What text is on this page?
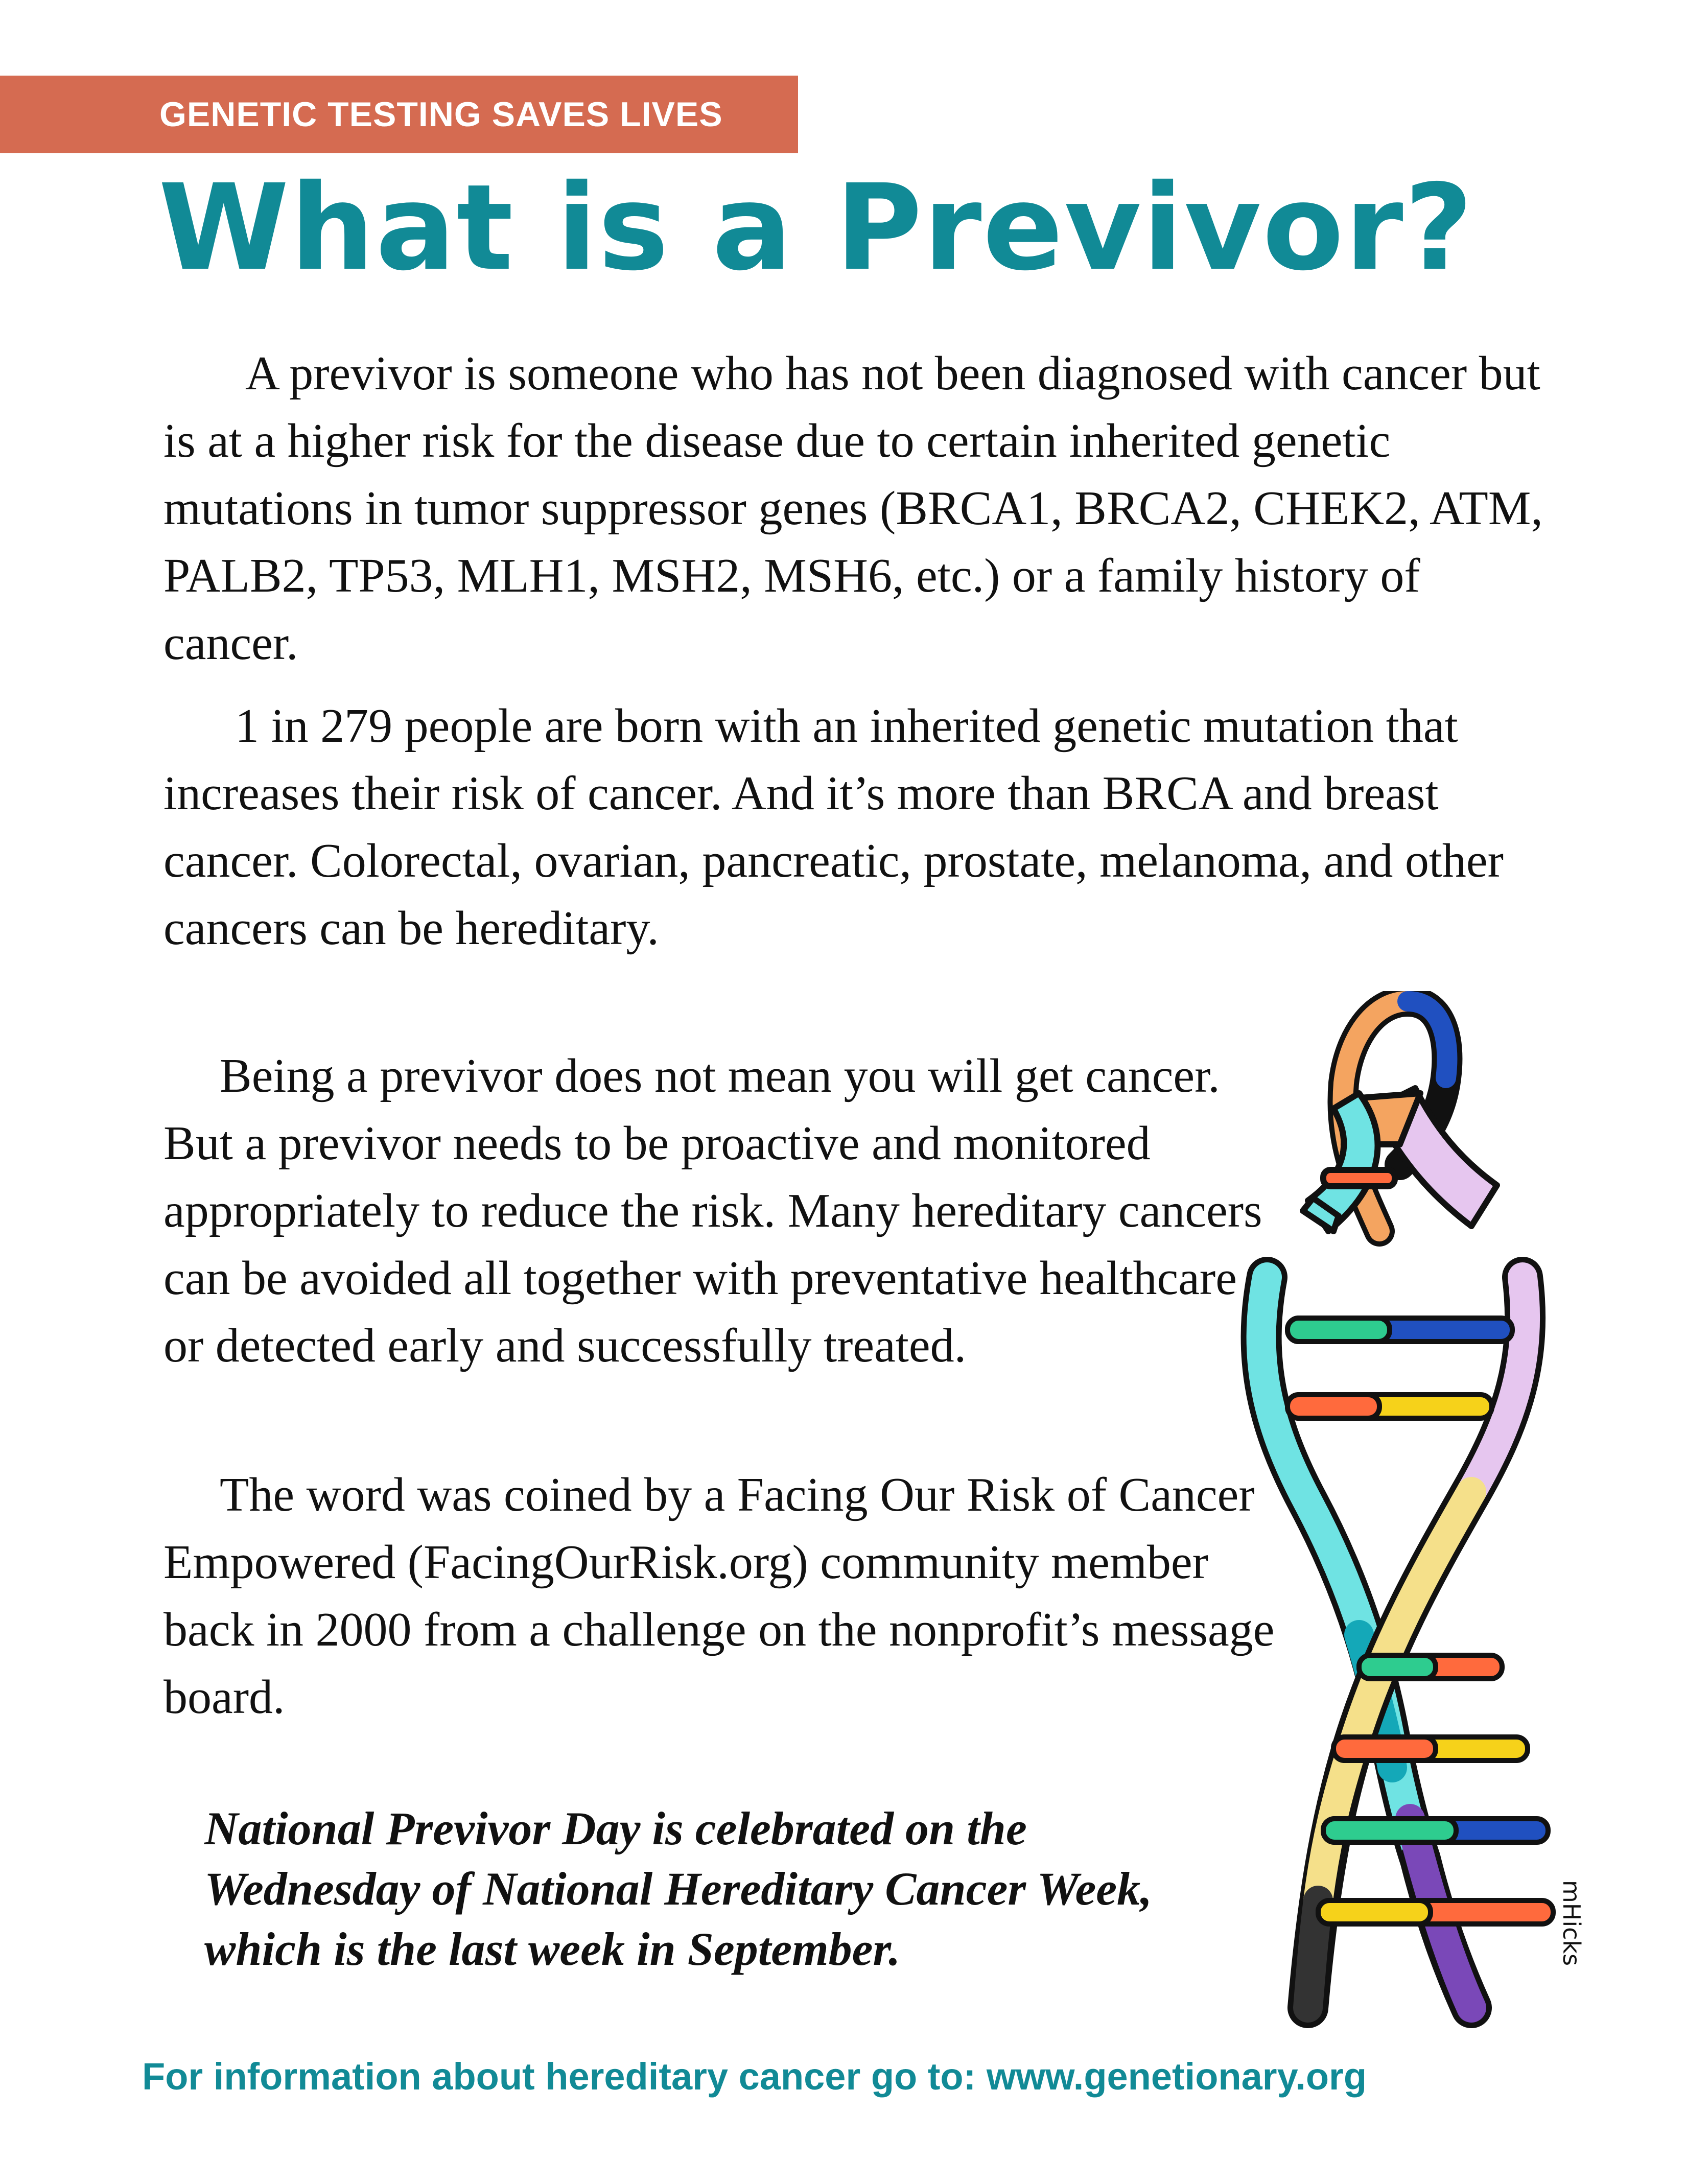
GENETIC TESTING SAVES LIVES
What is a Previvor?

A previvor is someone who has not been diagnosed with cancer but is at a higher risk for the disease due to certain inherited genetic mutations in tumor suppressor genes (BRCA1, BRCA2, CHEK2, ATM, PALB2, TP53, MLH1, MSH2, MSH6, etc.) or a family history of cancer.

1 in 279 people are born with an inherited genetic mutation that increases their risk of cancer. And it’s more than BRCA and breast cancer. Colorectal, ovarian, pancreatic, prostate, melanoma, and other cancers can be hereditary.

Being a previvor does not mean you will get cancer. But a previvor needs to be proactive and monitored appropriately to reduce the risk. Many hereditary cancers can be avoided all together with preventative healthcare or detected early and successfully treated.

The word was coined by a Facing Our Risk of Cancer Empowered (FacingOurRisk.org) community member back in 2000 from a challenge on the nonprofit’s message board.

National Previvor Day is celebrated on the Wednesday of National Hereditary Cancer Week, which is the last week in September.

For information about hereditary cancer go to: www.genetionary.org

mHicks
